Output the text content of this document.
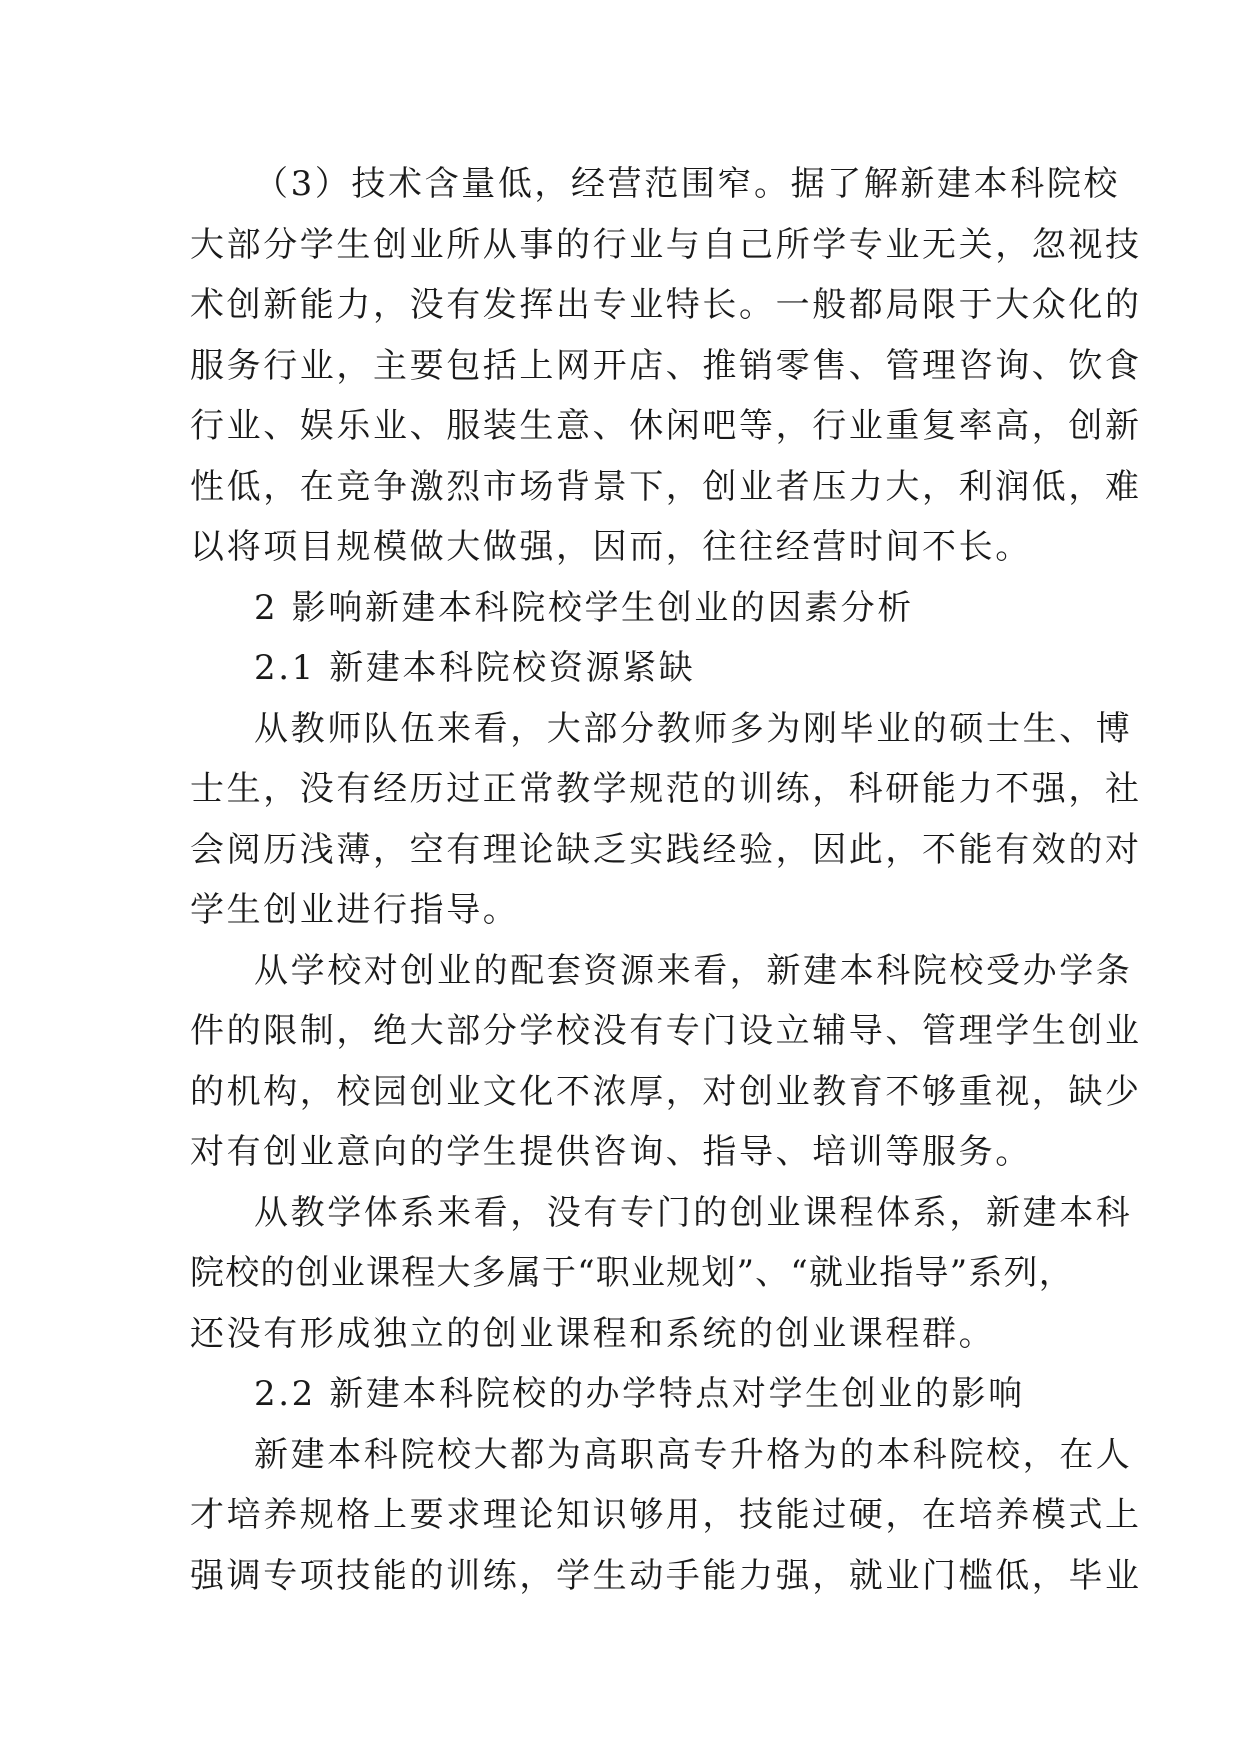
（3）技术含量低，经营范围窄。据了解新建本科院校
大部分学生创业所从事的行业与自己所学专业无关，忽视技
术创新能力，没有发挥出专业特长。一般都局限于大众化的
服务行业，主要包括上网开店、推销零售、管理咨询、饮食
行业、娱乐业、服装生意、休闲吧等，行业重复率高，创新
性低，在竞争激烈市场背景下，创业者压力大，利润低，难
以将项目规模做大做强，因而，往往经营时间不长。
2 影响新建本科院校学生创业的因素分析
2.1 新建本科院校资源紧缺
从教师队伍来看，大部分教师多为刚毕业的硕士生、博
士生，没有经历过正常教学规范的训练，科研能力不强，社
会阅历浅薄，空有理论缺乏实践经验，因此，不能有效的对
学生创业进行指导。
从学校对创业的配套资源来看，新建本科院校受办学条
件的限制，绝大部分学校没有专门设立辅导、管理学生创业
的机构，校园创业文化不浓厚，对创业教育不够重视，缺少
对有创业意向的学生提供咨询、指导、培训等服务。
从教学体系来看，没有专门的创业课程体系，新建本科
院校的创业课程大多属于“职业规划”、“就业指导”系列，
还没有形成独立的创业课程和系统的创业课程群。
2.2 新建本科院校的办学特点对学生创业的影响
新建本科院校大都为高职高专升格为的本科院校，在人
才培养规格上要求理论知识够用，技能过硬，在培养模式上
强调专项技能的训练，学生动手能力强，就业门槛低，毕业
